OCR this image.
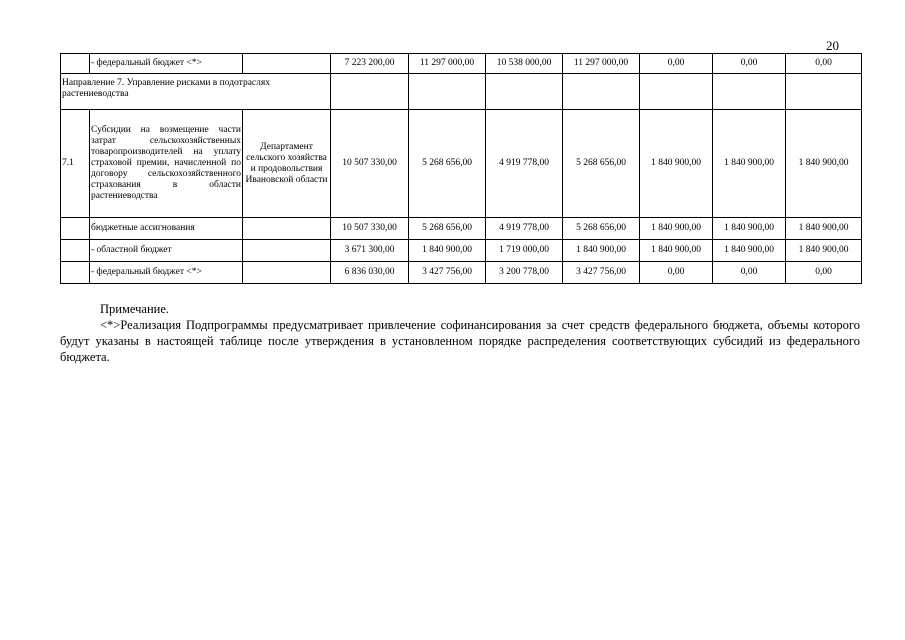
20
	- федеральный бюджет <*>		7 223 200,00	11 297 000,00	10 538 000,00	11 297 000,00	0,00	0,00	0,00
Направление 7. Управление рисками в подотраслях растениеводства									
7.1	Субсидии на возмещение части затрат сельскохозяйственных товаропроизводителей на уплату страховой премии, начисленной по договору сельскохозяйственного страхования в области растениеводства	Департамент сельского хозяйства и продовольствия Ивановской области	10 507 330,00	5 268 656,00	4 919 778,00	5 268 656,00	1 840 900,00	1 840 900,00	1 840 900,00
	бюджетные ассигнования		10 507 330,00	5 268 656,00	4 919 778,00	5 268 656,00	1 840 900,00	1 840 900,00	1 840 900,00
	- областной бюджет		3 671 300,00	1 840 900,00	1 719 000,00	1 840 900,00	1 840 900,00	1 840 900,00	1 840 900,00
	- федеральный бюджет <*>		6 836 030,00	3 427 756,00	3 200 778,00	3 427 756,00	0,00	0,00	0,00

Примечание.

<*>Реализация Подпрограммы предусматривает привлечение софинансирования за счет средств федерального бюджета, объемы которого будут указаны в настоящей таблице после утверждения в установленном порядке распределения соответствующих субсидий из федерального бюджета.
